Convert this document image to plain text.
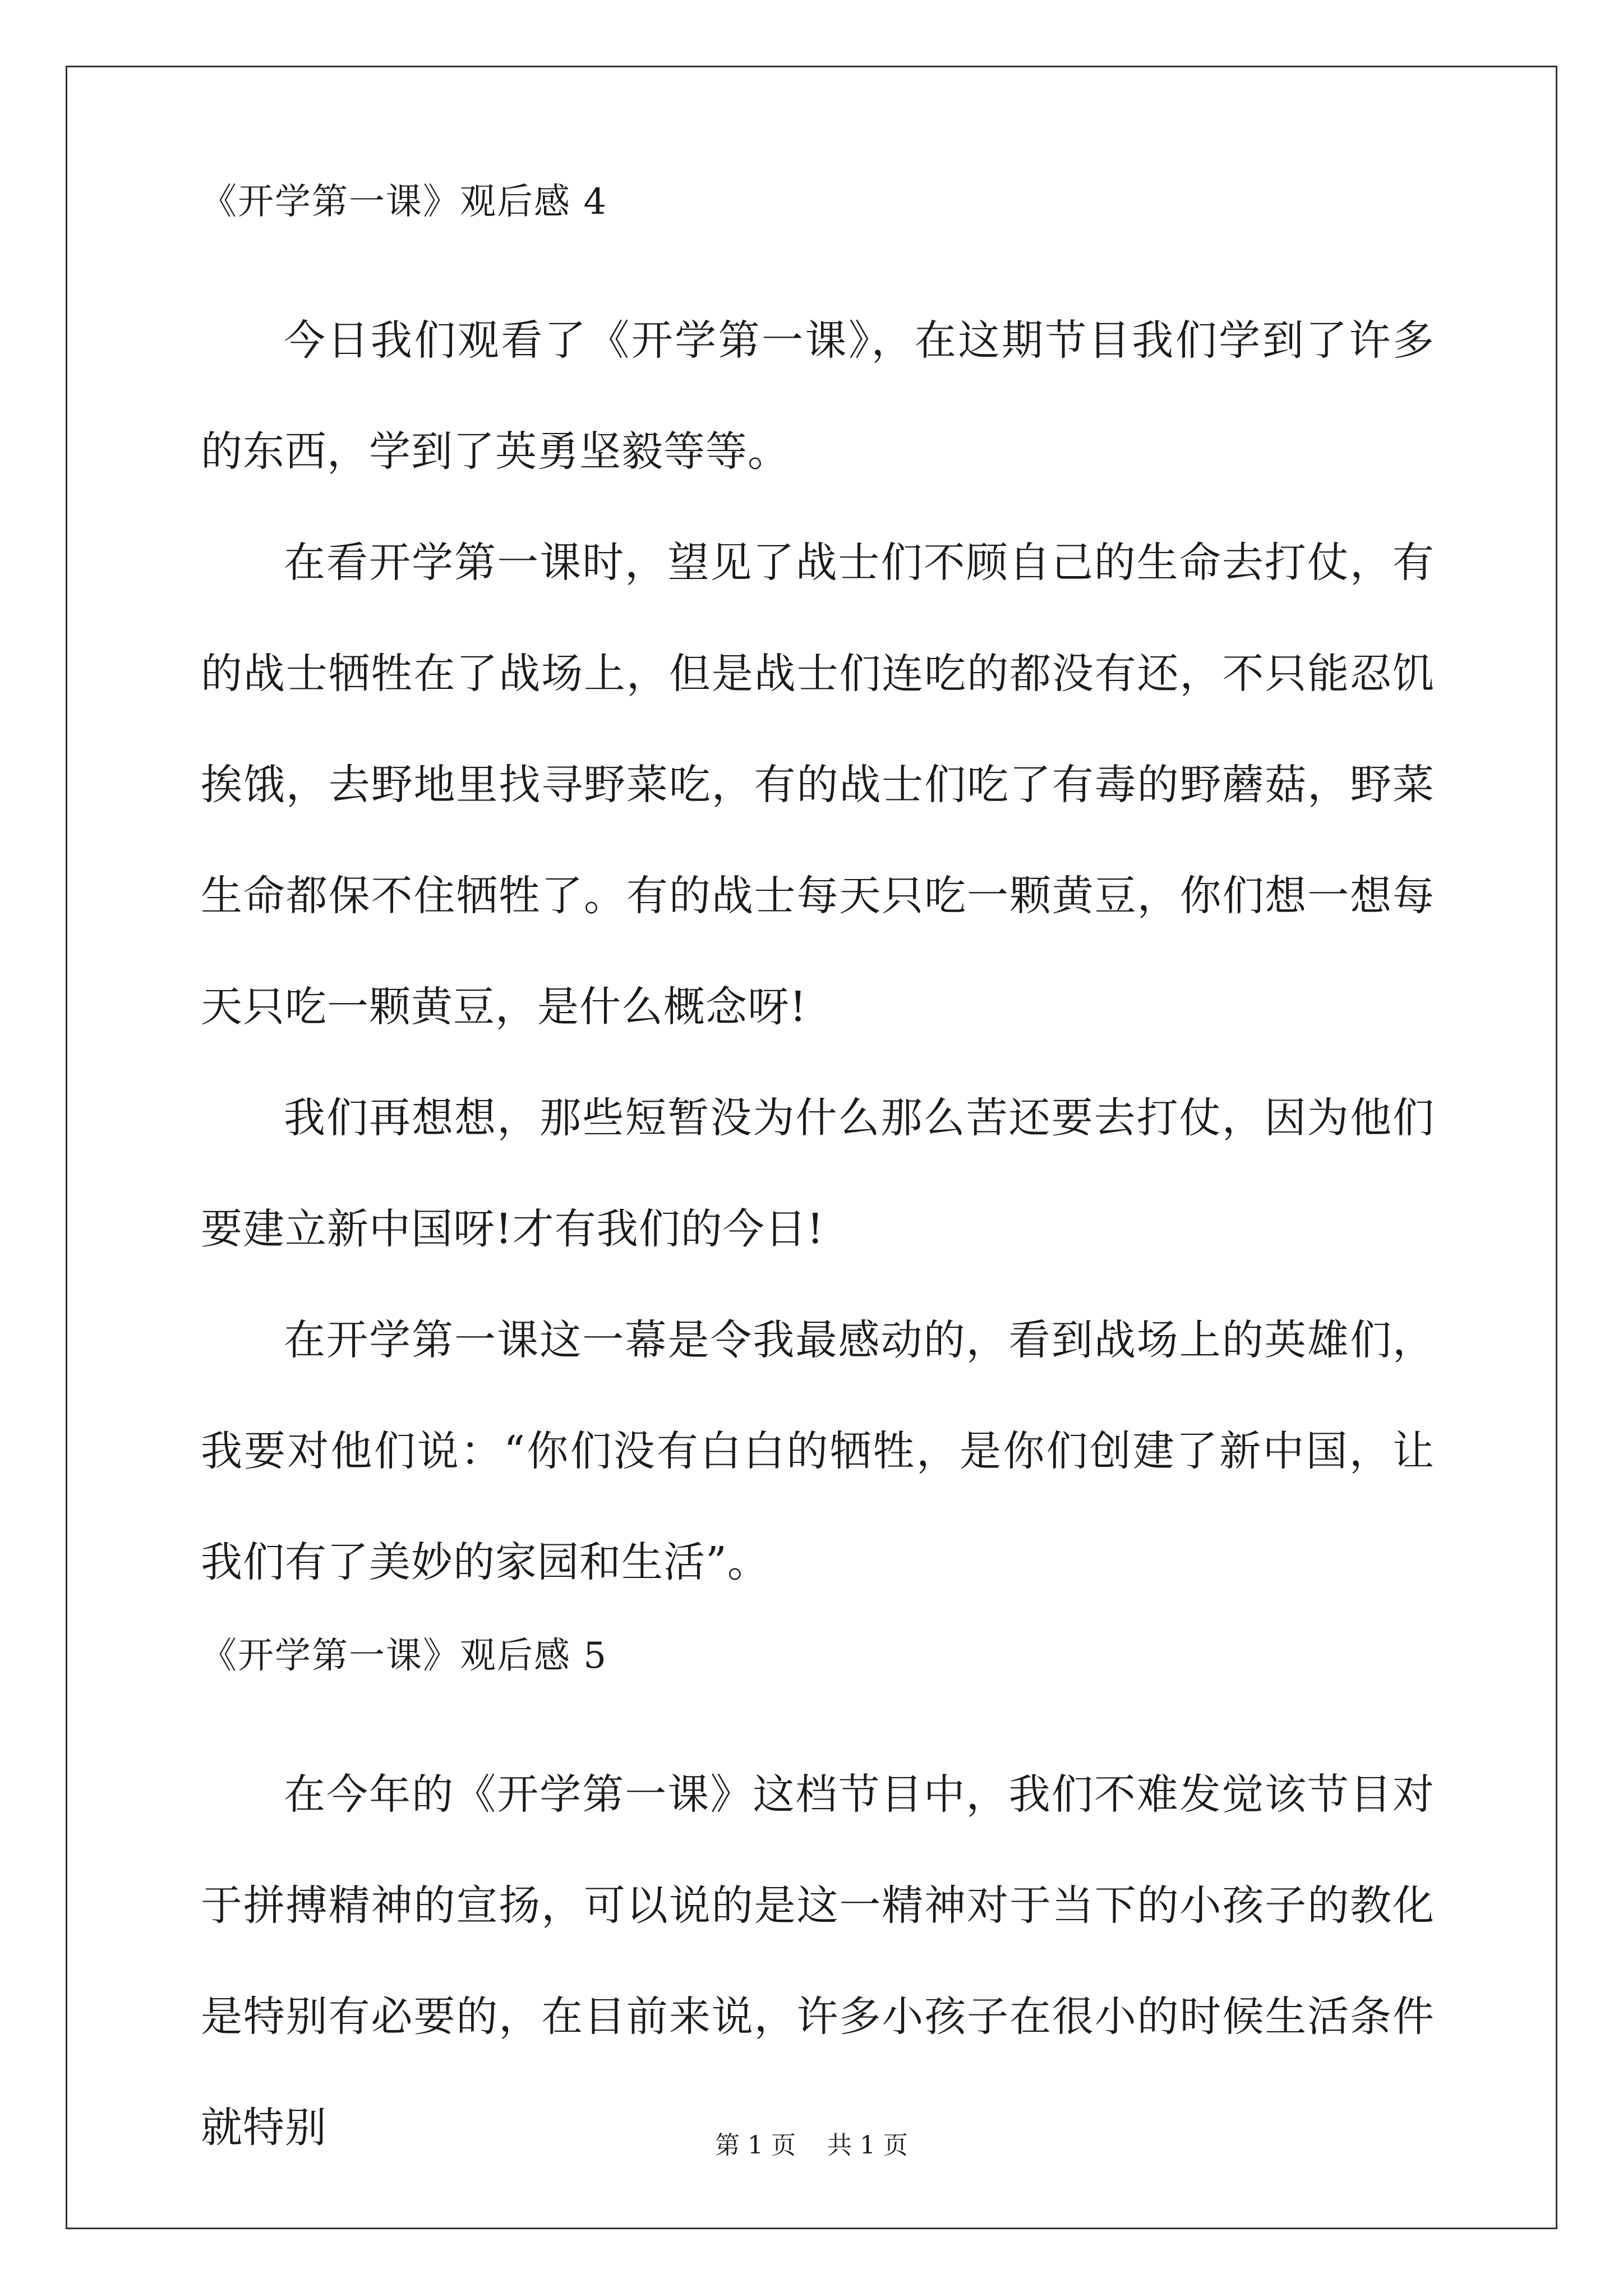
《开学第一课》观后感 4

今日我们观看了《开学第一课》，在这期节目我们学到了许多的东西，学到了英勇坚毅等等。

在看开学第一课时，望见了战士们不顾自己的生命去打仗，有的战士牺牲在了战场上，但是战士们连吃的都没有还，不只能忍饥挨饿，去野地里找寻野菜吃，有的战士们吃了有毒的野蘑菇，野菜生命都保不住牺牲了。有的战士每天只吃一颗黄豆，你们想一想每天只吃一颗黄豆，是什么概念呀!

我们再想想，那些短暂没为什么那么苦还要去打仗，因为他们要建立新中国呀!才有我们的今日!

在开学第一课这一幕是令我最感动的，看到战场上的英雄们，我要对他们说：“你们没有白白的牺牲，是你们创建了新中国，让我们有了美妙的家园和生活”。

《开学第一课》观后感 5

在今年的《开学第一课》这档节目中，我们不难发觉该节目对于拼搏精神的宣扬，可以说的是这一精神对于当下的小孩子的教化是特别有必要的，在目前来说，许多小孩子在很小的时候生活条件就特别	第 1 页    共 1 页
